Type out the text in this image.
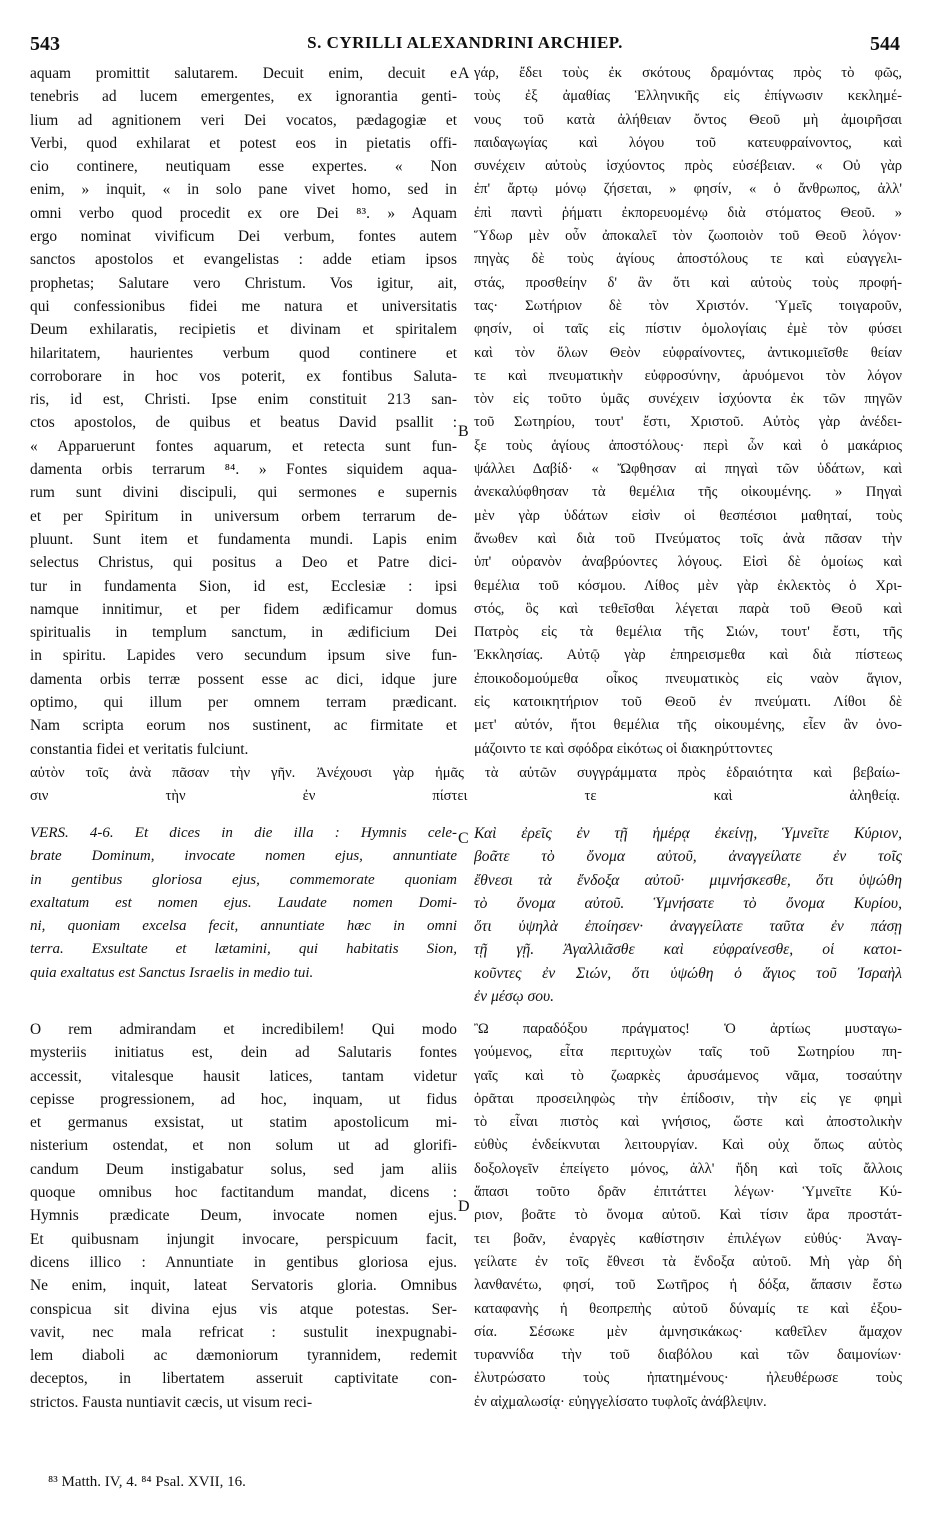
543	S. CYRILLI ALEXANDRINI ARCHIEP.	544
aquam promittit salutarem. Decuit enim, decuit e
tenebris ad lucem emergentes, ex ignorantia genti-
lium ad agnitionem veri Dei vocatos, pædagogiæ et
Verbi, quod exhilarat et potest eos in pietatis offi-
cio continere, neutiquam esse expertes. « Non
enim, » inquit, « in solo pane vivet homo, sed in
omni verbo quod procedit ex ore Dei ⁸³. » Aquam
ergo nominat vivificum Dei verbum, fontes autem
sanctos apostolos et evangelistas : adde etiam ipsos
prophetas; Salutare vero Christum. Vos igitur, ait,
qui confessionibus fidei me natura et universitatis
Deum exhilaratis, recipietis et divinam et spiritalem
hilaritatem, haurientes verbum quod continere et
corroborare in hoc vos poterit, ex fontibus Saluta-
ris, id est, Christi. Ipse enim constituit 213 san-
ctos apostolos, de quibus et beatus David psallit :
« Apparuerunt fontes aquarum, et retecta sunt fun-
damenta orbis terrarum ⁸⁴. » Fontes siquidem aqua-
rum sunt divini discipuli, qui sermones e supernis
et per Spiritum in universum orbem terrarum de-
pluunt. Sunt item et fundamenta mundi. Lapis enim
selectus Christus, qui positus a Deo et Patre dici-
tur in fundamenta Sion, id est, Ecclesiæ : ipsi
namque innitimur, et per fidem ædificamur domus
spiritualis in templum sanctum, in ædificium Dei
in spiritu. Lapides vero secundum ipsum sive fun-
damenta orbis terræ possent esse ac dici, idque jure
optimo, qui illum per omnem terram prædicant.
Nam scripta eorum nos sustinent, ac firmitate et
constantia fidei et veritatis fulciunt.
γάρ, ἔδει τοὺς ἐκ σκότους δραμόντας πρὸς τὸ φῶς,
τοὺς ἐξ ἀμαθίας Ἑλληνικῆς εἰς ἐπίγνωσιν κεκλημέ-
νους τοῦ κατὰ ἀλήθειαν ὄντος Θεοῦ μὴ ἀμοιρῆσαι
παιδαγωγίας καὶ λόγου τοῦ κατευφραίνοντος, καὶ
συνέχειν αὐτοὺς ἰσχύοντος πρὸς εὐσέβειαν. « Οὐ γὰρ
ἐπ' ἄρτῳ μόνῳ ζήσεται, » φησίν, « ὁ ἄνθρωπος, ἀλλ'
ἐπὶ παντὶ ῥήματι ἐκπορευομένῳ διὰ στόματος Θεοῦ. »
Ὕδωρ μὲν οὖν ἀποκαλεῖ τὸν ζωοποιὸν τοῦ Θεοῦ λόγον·
πηγὰς δὲ τοὺς ἁγίους ἀποστόλους τε καὶ εὐαγγελι-
στάς, προσθείην δ' ἂν ὅτι καὶ αὐτοὺς τοὺς προφή-
τας· Σωτήριον δὲ τὸν Χριστόν. Ὑμεῖς τοιγαροῦν,
φησίν, οἱ ταῖς εἰς πίστιν ὁμολογίαις ἐμὲ τὸν φύσει
καὶ τὸν ὅλων Θεὸν εὐφραίνοντες, ἀντικομιεῖσθε θείαν
τε καὶ πνευματικὴν εὐφροσύνην, ἀρυόμενοι τὸν λόγον
τὸν εἰς τοῦτο ὑμᾶς συνέχειν ἰσχύοντα ἐκ τῶν πηγῶν
τοῦ Σωτηρίου, τουτ' ἔστι, Χριστοῦ. Αὐτὸς γὰρ ἀνέδει-
ξε τοὺς ἁγίους ἀποστόλους· περὶ ὧν καὶ ὁ μακάριος
ψάλλει Δαβίδ· « Ὤφθησαν αἱ πηγαὶ τῶν ὑδάτων, καὶ
ἀνεκαλύφθησαν τὰ θεμέλια τῆς οἰκουμένης. » Πηγαὶ
μὲν γὰρ ὑδάτων εἰσὶν οἱ θεσπέσιοι μαθηταί, τοὺς
ἄνωθεν καὶ διὰ τοῦ Πνεύματος τοῖς ἀνὰ πᾶσαν τὴν
ὑπ' οὐρανὸν ἀναβρύοντες λόγους. Εἰσὶ δὲ ὁμοίως καὶ
θεμέλια τοῦ κόσμου. Λίθος μὲν γὰρ ἐκλεκτὸς ὁ Χρι-
στός, ὃς καὶ τεθεῖσθαι λέγεται παρὰ τοῦ Θεοῦ καὶ
Πατρὸς εἰς τὰ θεμέλια τῆς Σιών, τουτ' ἔστι, τῆς
Ἐκκλησίας. Αὐτῷ γὰρ ἐπηρεισμεθα καὶ διὰ πίστεως
ἐποικοδομούμεθα οἶκος πνευματικὸς εἰς ναὸν ἅγιον,
εἰς κατοικητήριον τοῦ Θεοῦ ἐν πνεύματι. Λίθοι δὲ
μετ' αὐτόν, ἤτοι θεμέλια τῆς οἰκουμένης, εἶεν ἂν ὀνο-
μάζοιντο τε καὶ σφόδρα εἰκότως οἱ διακηρύττοντες
A
B
C
D
αὐτὸν τοῖς ἀνὰ πᾶσαν τὴν γῆν. Ἀνέχουσι γὰρ ἡμᾶς τὰ αὐτῶν συγγράμματα πρὸς ἑδραιότητα καὶ βεβαίω-
σιν τὴν ἐν πίστει τε καὶ ἀληθείᾳ.
VERS. 4-6. Et dices in die illa : Hymnis cele-
brate Dominum, invocate nomen ejus, annuntiate
in gentibus gloriosa ejus, commemorate quoniam
exaltatum est nomen ejus. Laudate nomen Domi-
ni, quoniam excelsa fecit, annuntiate hæc in omni
terra. Exsultate et lætamini, qui habitatis Sion,
quia exaltatus est Sanctus Israelis in medio tui.
Καὶ ἐρεῖς ἐν τῇ ἡμέρᾳ ἐκείνῃ, Ὑμνεῖτε Κύριον,
βοᾶτε τὸ ὄνομα αὐτοῦ, ἀναγγείλατε ἐν τοῖς
ἔθνεσι τὰ ἔνδοξα αὐτοῦ· μιμνήσκεσθε, ὅτι ὑψώθη
τὸ ὄνομα αὐτοῦ. Ὑμνήσατε τὸ ὄνομα Κυρίου,
ὅτι ὑψηλὰ ἐποίησεν· ἀναγγείλατε ταῦτα ἐν πάσῃ
τῇ γῇ. Ἀγαλλιᾶσθε καὶ εὐφραίνεσθε, οἱ κατοι-
κοῦντες ἐν Σιών, ὅτι ὑψώθη ὁ ἅγιος τοῦ Ἰσραὴλ
ἐν μέσῳ σου.
O rem admirandam et incredibilem! Qui modo
mysteriis initiatus est, dein ad Salutaris fontes
accessit, vitalesque hausit latices, tantam videtur
cepisse progressionem, ad hoc, inquam, ut fidus
et germanus exsistat, ut statim apostolicum mi-
nisterium ostendat, et non solum ut ad glorifi-
candum Deum instigabatur solus, sed jam aliis
quoque omnibus hoc factitandum mandat, dicens :
Hymnis prædicate Deum, invocate nomen ejus.
Et quibusnam injungit invocare, perspicuum facit,
dicens illico : Annuntiate in gentibus gloriosa ejus.
Ne enim, inquit, lateat Servatoris gloria. Omnibus
conspicua sit divina ejus vis atque potestas. Ser-
vavit, nec mala refricat : sustulit inexpugnabi-
lem diaboli ac dæmoniorum tyrannidem, redemit
deceptos, in libertatem asseruit captivitate con-
strictos. Fausta nuntiavit cæcis, ut visum reci-
Ὢ παραδόξου πράγματος! Ὁ ἀρτίως μυσταγω-
γούμενος, εἶτα περιτυχὼν ταῖς τοῦ Σωτηρίου πη-
γαῖς καὶ τὸ ζωαρκὲς ἀρυσάμενος νᾶμα, τοσαύτην
ὁρᾶται προσειληφὼς τὴν ἐπίδοσιν, τὴν εἰς γε φημὶ
τὸ εἶναι πιστὸς καὶ γνήσιος, ὥστε καὶ ἀποστολικὴν
εὐθὺς ἐνδείκνυται λειτουργίαν. Καὶ οὐχ ὅπως αὐτὸς
δοξολογεῖν ἐπείγετο μόνος, ἀλλ' ἤδη καὶ τοῖς ἄλλοις
ἅπασι τοῦτο δρᾶν ἐπιτάττει λέγων· Ὑμνεῖτε Κύ-
ριον, βοᾶτε τὸ ὄνομα αὐτοῦ. Καὶ τίσιν ἄρα προστάτ-
τει βοᾶν, ἐναργὲς καθίστησιν ἐπιλέγων εὐθύς· Ἀναγ-
γείλατε ἐν τοῖς ἔθνεσι τὰ ἔνδοξα αὐτοῦ. Μὴ γὰρ δὴ
λανθανέτω, φησί, τοῦ Σωτῆρος ἡ δόξα, ἅπασιν ἔστω
καταφανὴς ἡ θεοπρεπὴς αὐτοῦ δύναμίς τε καὶ ἐξου-
σία. Σέσωκε μὲν ἀμνησικάκως· καθεῖλεν ἄμαχον
τυραννίδα τὴν τοῦ διαβόλου καὶ τῶν δαιμονίων·
ἐλυτρώσατο τοὺς ἠπατημένους· ἠλευθέρωσε τοὺς
ἐν αἰχμαλωσίᾳ· εὐηγγελίσατο τυφλοῖς ἀνάβλεψιν.
⁸³ Matth. IV, 4. ⁸⁴ Psal. XVII, 16.
